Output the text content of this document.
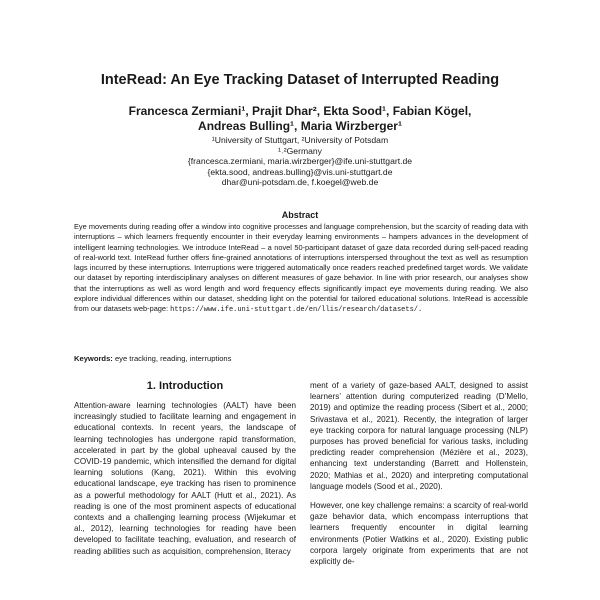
InteRead: An Eye Tracking Dataset of Interrupted Reading
Francesca Zermiani¹, Prajit Dhar², Ekta Sood¹, Fabian Kögel,
Andreas Bulling¹, Maria Wirzberger¹
¹University of Stuttgart, ²University of Potsdam
¹˒²Germany
{francesca.zermiani, maria.wirzberger}@ife.uni-stuttgart.de
{ekta.sood, andreas.bulling}@vis.uni-stuttgart.de
dhar@uni-potsdam.de, f.koegel@web.de
Abstract
Eye movements during reading offer a window into cognitive processes and language comprehension, but the scarcity of reading data with interruptions – which learners frequently encounter in their everyday learning environments – hampers advances in the development of intelligent learning technologies. We introduce InteRead – a novel 50-participant dataset of gaze data recorded during self-paced reading of real-world text. InteRead further offers fine-grained annotations of interruptions interspersed throughout the text as well as resumption lags incurred by these interruptions. Interruptions were triggered automatically once readers reached predefined target words. We validate our dataset by reporting interdisciplinary analyses on different measures of gaze behavior. In line with prior research, our analyses show that the interruptions as well as word length and word frequency effects significantly impact eye movements during reading. We also explore individual differences within our dataset, shedding light on the potential for tailored educational solutions. InteRead is accessible from our datasets web-page: https://www.ife.uni-stuttgart.de/en/llis/research/datasets/.
Keywords: eye tracking, reading, interruptions
1. Introduction

Attention-aware learning technologies (AALT) have been increasingly studied to facilitate learning and engagement in educational contexts. In recent years, the landscape of learning technologies has undergone rapid transformation, accelerated in part by the global upheaval caused by the COVID-19 pandemic, which intensified the demand for digital learning solutions (Kang, 2021). Within this evolving educational landscape, eye tracking has risen to prominence as a powerful methodology for AALT (Hutt et al., 2021). As reading is one of the most prominent aspects of educational contexts and a challenging learning process (Wijekumar et al., 2012), learning technologies for reading have been developed to facilitate teaching, evaluation, and research of reading abilities such as acquisition, comprehension, literacy

ment of a variety of gaze-based AALT, designed to assist learners’ attention during computerized reading (D’Mello, 2019) and optimize the reading process (Sibert et al., 2000; Srivastava et al., 2021). Recently, the integration of larger eye tracking corpora for natural language processing (NLP) purposes has proved beneficial for various tasks, including predicting reader comprehension (Mézière et al., 2023), enhancing text understanding (Barrett and Hollenstein, 2020; Mathias et al., 2020) and interpreting computational language models (Sood et al., 2020).

However, one key challenge remains: a scarcity of real-world gaze behavior data, which encompass interruptions that learners frequently encounter in digital learning environments (Potier Watkins et al., 2020). Existing public corpora largely originate from experiments that are not explicitly de-
